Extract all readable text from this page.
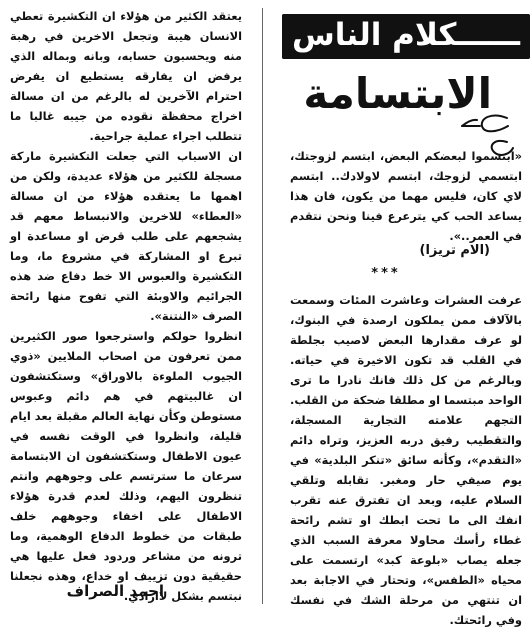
ــــــكلام الناس
الابتسامة

«ابتسموا لبعضكم البعض، ابتسم لزوجتك، ابتسمي لزوجك، ابتسم لاولادك.. ابتسم لاي كان، فليس مهما من يكون، فان هذا يساعد الحب كي يترعرع فينا ونحن نتقدم في العمر..».

(الام تريزا)
***

عرفت العشرات وعاشرت المئات وسمعت بالآلاف ممن يملكون ارصدة في البنوك، لو عرف مقدارها البعض لاصيب بجلطة في القلب قد تكون الاخيرة في حياته. وبالرغم من كل ذلك فانك نادرا ما ترى الواحد مبتسما او مطلقا ضحكة من القلب. التجهم علامته التجارية المسجلة، والتقطيب رفيق دربه العزيز، وتراه دائم «التقدم»، وكأنه سائق «تنكر البلدية» في يوم صيفي حار ومغبر. تقابله وتلقي السلام عليه، وبعد ان تفترق عنه تقرب انفك الى ما تحت ابطك او تشم رائحة غطاء رأسك محاولا معرفة السبب الذي جعله يصاب «بلوعة كبد» ارتسمت على محياه «الطفس»، وتحتار في الاجابة بعد ان تنتهي من مرحلة الشك في نفسك وفي رائحتك.

يعتقد الكثير من هؤلاء ان التكشيرة تعطي الانسان هيبة وتجعل الاخرين في رهبة منه ويحسبون حسابه، وبانه وبماله الذي يرفض ان يفارقه يستطيع ان يفرض احترام الآخرين له بالرغم من ان مسالة اخراج محفظة نقوده من جيبه غالبا ما تتطلب اجراء عملية جراحية.

ان الاسباب التي جعلت التكشيرة ماركة مسجلة للكثير من هؤلاء عديدة، ولكن من اهمها ما يعتقده هؤلاء من ان مسالة «العطاء» للاخرين والانبساط معهم قد يشجعهم على طلب قرض او مساعدة او تبرع او المشاركة في مشروع ما، وما التكشيرة والعبوس الا خط دفاع ضد هذه الجرائيم والاوبئة التي تفوح منها رائحة الصرف «النتنة».

انظروا حولكم واسترجعوا صور الكثيرين ممن تعرفون من اصحاب الملايين «ذوي الجيوب الملوءة بالاوراق» وستكتشفون ان غالبيتهم في هم دائم وعبوس مستوطن وكأن نهاية العالم مقبلة بعد ايام قليلة، وانظروا في الوقت نفسه في عيون الاطفال وستكتشفون ان الابتسامة سرعان ما سترتسم على وجوههم وانتم تنظرون اليهم، وذلك لعدم قدرة هؤلاء الاطفال على اخفاء وجوههم خلف طبقات من خطوط الدفاع الوهمية، وما ترونه من مشاعر وردود فعل عليها هي حقيقية دون تزييف او خداع، وهذه نجعلنا نبتسم بشكل لاارادي.

احمد الصراف
